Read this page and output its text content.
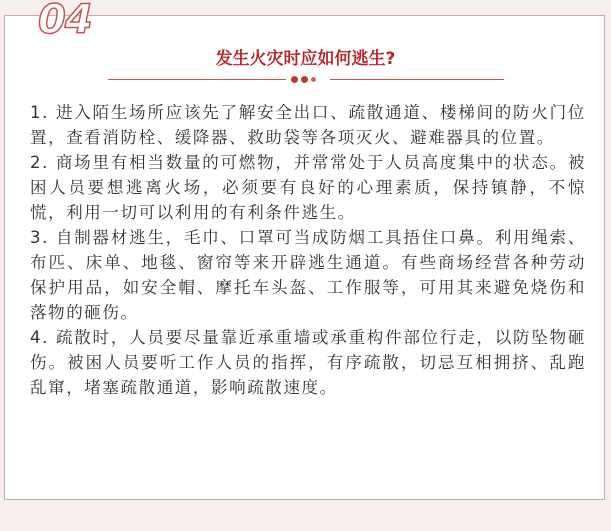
04
发生火灾时应如何逃生?

1. 进入陌生场所应该先了解安全出口、疏散通道、楼梯间的防火门位置，查看消防栓、缓降器、救助袋等各项灭火、避难器具的位置。

2. 商场里有相当数量的可燃物，并常常处于人员高度集中的状态。被困人员要想逃离火场，必须要有良好的心理素质，保持镇静，不惊慌，利用一切可以利用的有利条件逃生。

3. 自制器材逃生，毛巾、口罩可当成防烟工具捂住口鼻。利用绳索、布匹、床单、地毯、窗帘等来开辟逃生通道。有些商场经营各种劳动保护用品，如安全帽、摩托车头盔、工作服等，可用其来避免烧伤和落物的砸伤。

4. 疏散时，人员要尽量靠近承重墙或承重构件部位行走，以防坠物砸伤。被困人员要听工作人员的指挥，有序疏散，切忌互相拥挤、乱跑乱窜，堵塞疏散通道，影响疏散速度。
